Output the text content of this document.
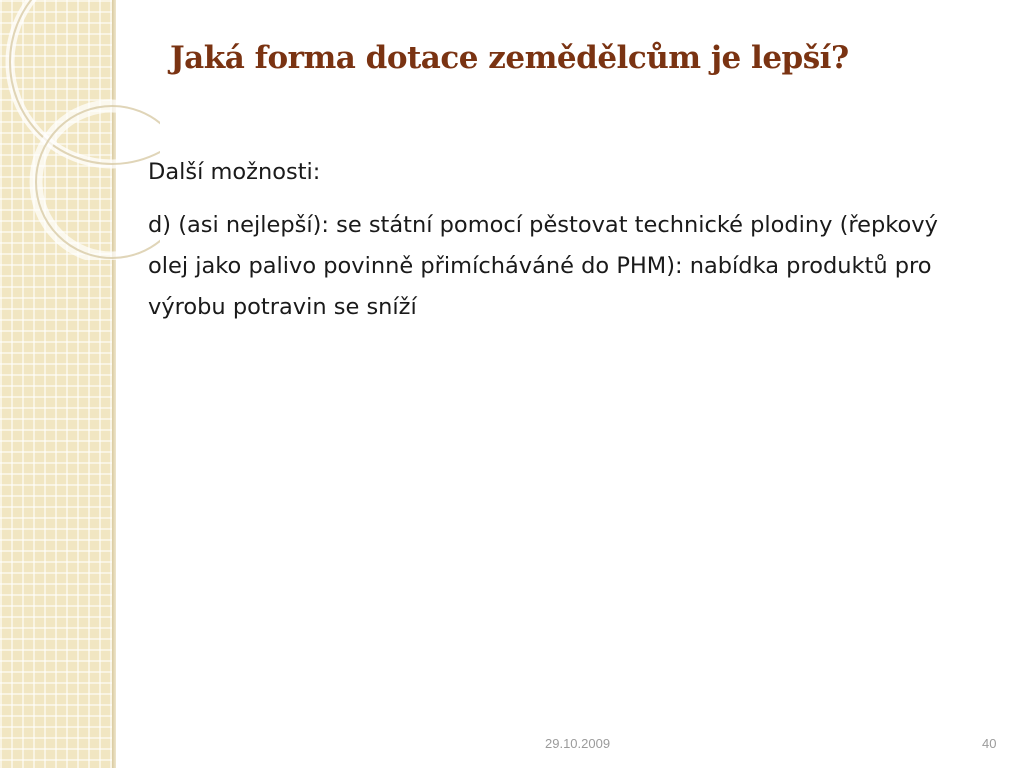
Jaká forma dotace zemědělcům je lepší?

Další možnosti:

d) (asi nejlepší): se státní pomocí pěstovat technické plodiny (řepkový olej jako palivo povinně přimícháváné do PHM): nabídka produktů pro výrobu potravin se sníží

29.10.2009	40
